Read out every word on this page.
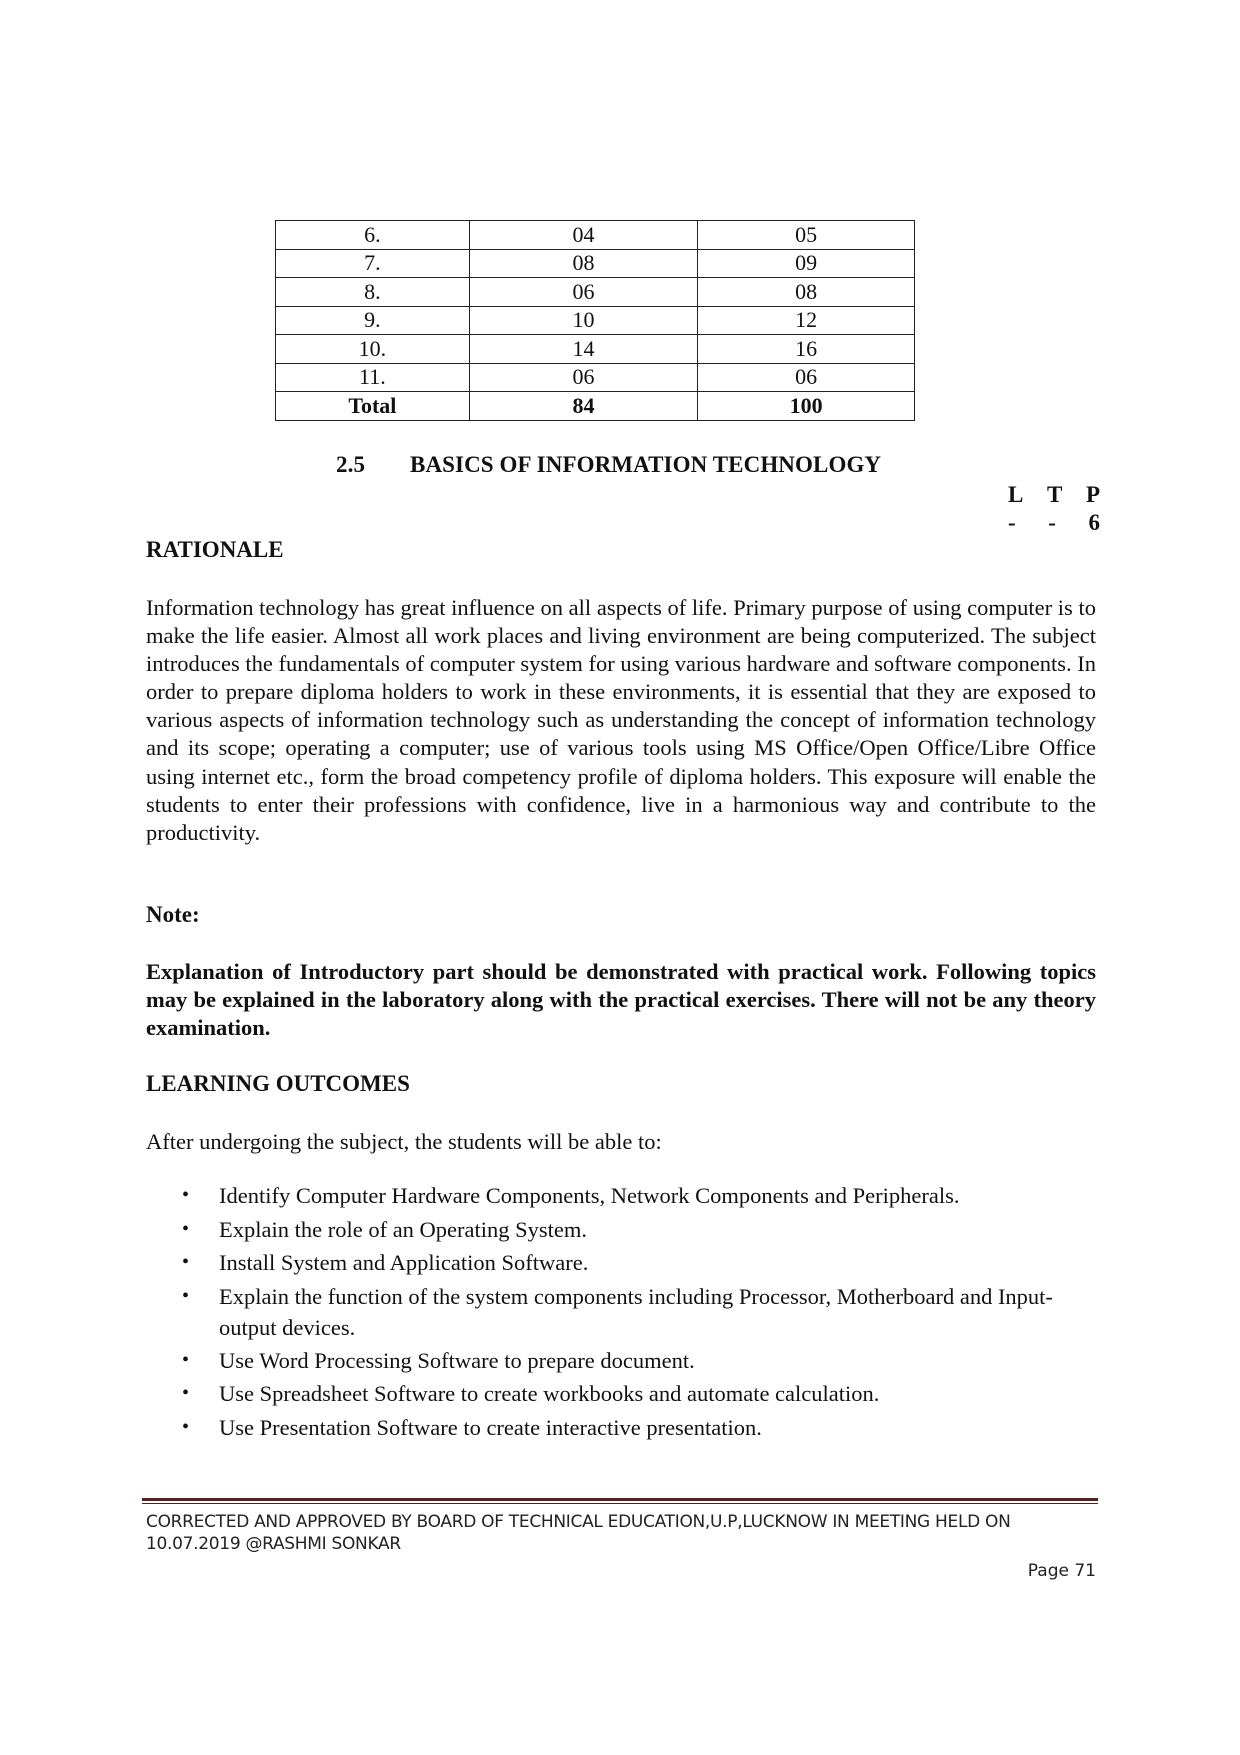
6.	04	05
7.	08	09
8.	06	08
9.	10	12
10.	14	16
11.	06	06
Total	84	100
2.5 BASICS OF INFORMATION TECHNOLOGY
L T P
- - 6
RATIONALE

Information technology has great influence on all aspects of life. Primary purpose of using computer is to make the life easier. Almost all work places and living environment are being computerized. The subject introduces the fundamentals of computer system for using various hardware and software components. In order to prepare diploma holders to work in these environments, it is essential that they are exposed to various aspects of information technology such as understanding the concept of information technology and its scope; operating a computer; use of various tools using MS Office/Open Office/Libre Office using internet etc., form the broad competency profile of diploma holders. This exposure will enable the students to enter their professions with confidence, live in a harmonious way and contribute to the productivity.

Note:

Explanation of Introductory part should be demonstrated with practical work. Following topics may be explained in the laboratory along with the practical exercises. There will not be any theory examination.

LEARNING OUTCOMES

After undergoing the subject, the students will be able to:

• Identify Computer Hardware Components, Network Components and Peripherals.
• Explain the role of an Operating System.
• Install System and Application Software.
• Explain the function of the system components including Processor, Motherboard and Input-output devices.
• Use Word Processing Software to prepare document.
• Use Spreadsheet Software to create workbooks and automate calculation.
• Use Presentation Software to create interactive presentation.
CORRECTED AND APPROVED BY BOARD OF TECHNICAL EDUCATION,U.P,LUCKNOW IN MEETING HELD ON 10.07.2019 @RASHMI SONKAR
Page 71
